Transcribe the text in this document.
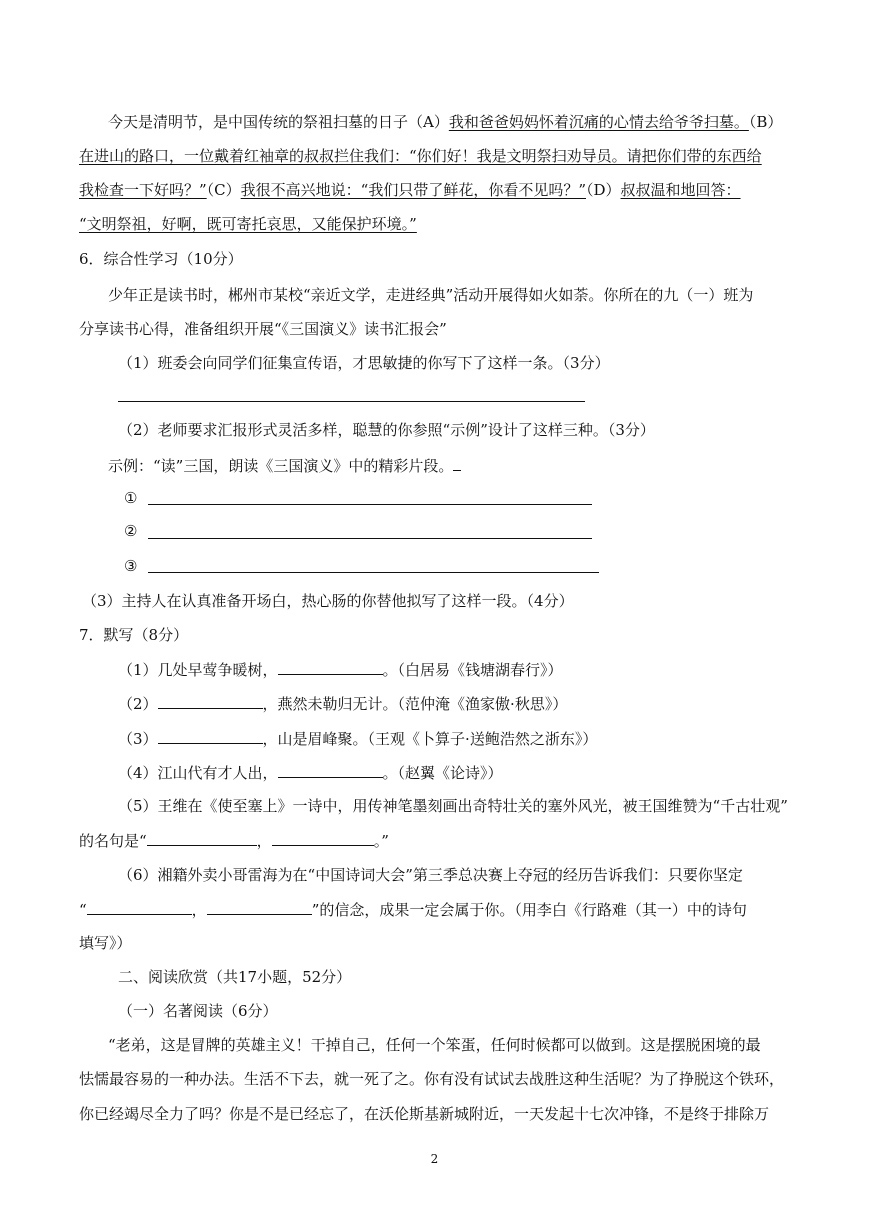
今天是清明节，是中国传统的祭祖扫墓的日子（A）我和爸爸妈妈怀着沉痛的心情去给爷爷扫墓。（B）
在进山的路口，一位戴着红袖章的叔叔拦住我们：“你们好！我是文明祭扫劝导员。请把你们带的东西给
我检查一下好吗？”（C）我很不高兴地说：“我们只带了鲜花，你看不见吗？”（D）叔叔温和地回答：
“文明祭祖，好啊，既可寄托哀思，又能保护环境。”
6．综合性学习（10分）
少年正是读书时，郴州市某校“亲近文学，走进经典”活动开展得如火如荼。你所在的九（一）班为
分享读书心得，准备组织开展“《三国演义》读书汇报会”
（1）班委会向同学们征集宣传语，才思敏捷的你写下了这样一条。（3分）
（2）老师要求汇报形式灵活多样，聪慧的你参照“示例”设计了这样三种。（3分）
示例：“读”三国，朗读《三国演义》中的精彩片段。
①
②
③
（3）主持人在认真准备开场白，热心肠的你替他拟写了这样一段。（4分）
7．默写（8分）
（1）几处早莺争暖树，	。（白居易《钱塘湖春行》）
（2）	，燕然未勒归无计。（范仲淹《渔家傲·秋思》）
（3）	，山是眉峰聚。（王观《卜算子·送鲍浩然之浙东》）
（4）江山代有才人出，	。（赵翼《论诗》）
（5）王维在《使至塞上》一诗中，用传神笔墨刻画出奇特壮关的塞外风光，被王国维赞为“千古壮观”
的名句是“	，	。”
（6）湘籍外卖小哥雷海为在“中国诗词大会”第三季总决赛上夺冠的经历告诉我们：只要你坚定
“	，	”的信念，成果一定会属于你。（用李白《行路难（其一）中的诗句
填写》）
二、阅读欣赏（共17小题，52分）
（一）名著阅读（6分）
“老弟，这是冒牌的英雄主义！干掉自己，任何一个笨蛋，任何时候都可以做到。这是摆脱困境的最
怯懦最容易的一种办法。生活不下去，就一死了之。你有没有试试去战胜这种生活呢？为了挣脱这个铁环，
你已经竭尽全力了吗？你是不是已经忘了，在沃伦斯基新城附近，一天发起十七次冲锋，不是终于排除万
2
